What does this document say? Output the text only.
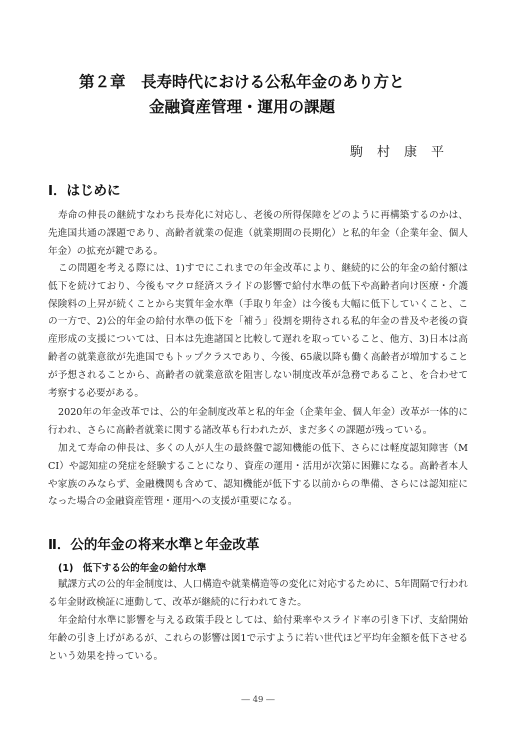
第２章　 長寿時代における公私年金のあり方と
金融資産管理・運用の課題
駒村康平
Ⅰ．はじめに

寿命の伸長の継続すなわち長寿化に対応し、老後の所得保障をどのように再構築するのかは、先進国共通の課題であり、高齢者就業の促進（就業期間の長期化）と私的年金（企業年金、個人年金）の拡充が鍵である。

この問題を考える際には、1)すでにこれまでの年金改革により、継続的に公的年金の給付額は低下を続けており、今後もマクロ経済スライドの影響で給付水準の低下や高齢者向け医療・介護保険料の上昇が続くことから実質年金水準（手取り年金）は今後も大幅に低下していくこと、この一方で、2)公的年金の給付水準の低下を「補う」役割を期待される私的年金の普及や老後の資産形成の支援については、日本は先進諸国と比較して遅れを取っていること、他方、3)日本は高齢者の就業意欲が先進国でもトップクラスであり、今後、65歳以降も働く高齢者が増加することが予想されることから、高齢者の就業意欲を阻害しない制度改革が急務であること、を合わせて考察する必要がある。

2020年の年金改革では、公的年金制度改革と私的年金（企業年金、個人年金）改革が一体的に行われ、さらに高齢者就業に関する諸改革も行われたが、まだ多くの課題が残っている。

加えて寿命の伸長は、多くの人が人生の最終盤で認知機能の低下、さらには軽度認知障害（MCI）や認知症の発症を経験することになり、資産の運用・活用が次第に困難になる。高齢者本人や家族のみならず、金融機関も含めて、認知機能が低下する以前からの準備、さらには認知症になった場合の金融資産管理・運用への支援が重要になる。

Ⅱ．公的年金の将来水準と年金改革
(1)　低下する公的年金の給付水準

賦課方式の公的年金制度は、人口構造や就業構造等の変化に対応するために、5年間隔で行われる年金財政検証に連動して、改革が継続的に行われてきた。

年金給付水準に影響を与える政策手段としては、給付乗率やスライド率の引き下げ、支給開始年齢の引き上げがあるが、これらの影響は図1で示すように若い世代ほど平均年金額を低下させるという効果を持っている。

― 49 ―
